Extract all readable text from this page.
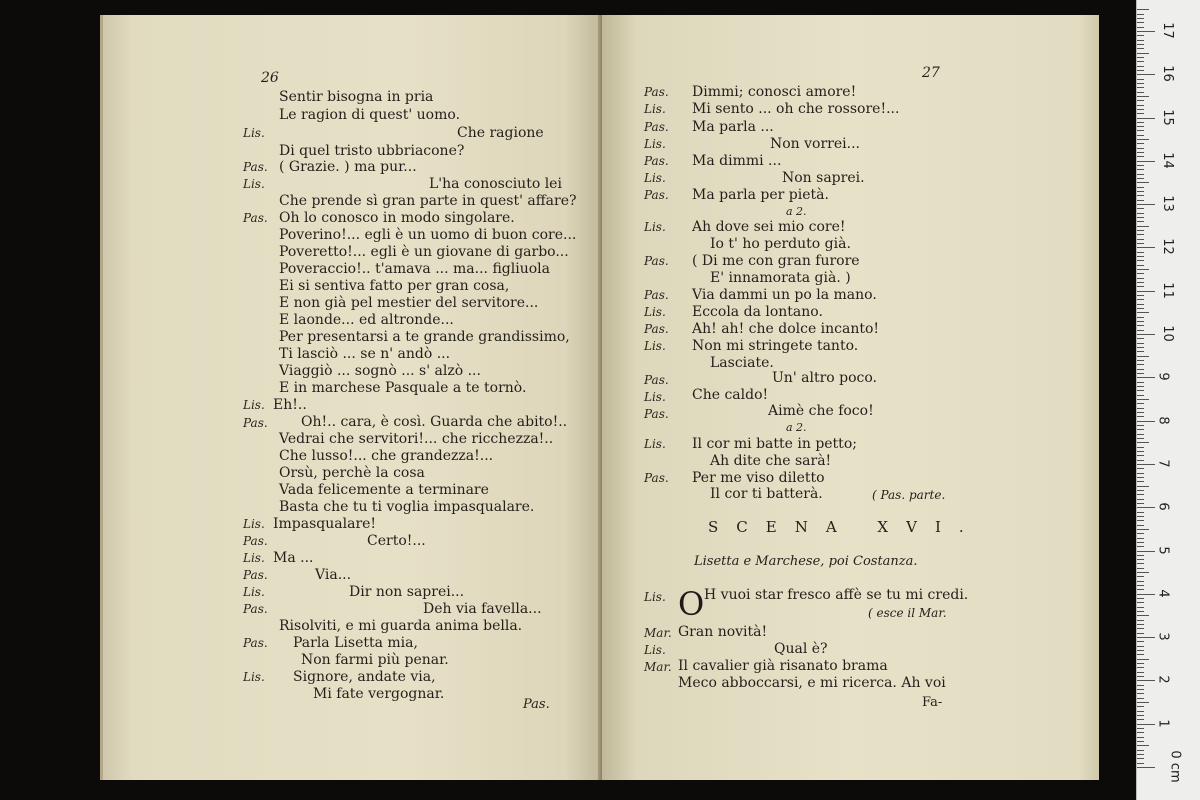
26
Sentir bisogna in pria
Le ragion di quest' uomo.
Lis.	Che ragione
Di quel tristo ubbriacone?
Pas. ( Grazie. ) ma pur...
Lis.	L'ha conosciuto lei
Che prende sì gran parte in quest' affare?
Pas. Oh lo conosco in modo singolare.
Poverino!... egli è un uomo di buon core...
Poveretto!... egli è un giovane di garbo...
Poveraccio!.. t'amava ... ma... figliuola
Ei si sentiva fatto per gran cosa,
E non già pel mestier del servitore...
E laonde... ed altronde...
Per presentarsi a te grande grandissimo,
Ti lasciò ... se n' andò ...
Viaggiò ... sognò ... s' alzò ...
E in marchese Pasquale a te tornò.
Lis. Eh!..
Pas. Oh!.. cara, è così. Guarda che abito!..
Vedrai che servitori!... che ricchezza!..
Che lusso!... che grandezza!...
Orsù, perchè la cosa
Vada felicemente a terminare
Basta che tu ti voglia impasqualare.
Lis. Impasqualare!
Pas.	Certo!...
Lis. Ma ...
Pas.	Via...
Lis.	Dir non saprei...
Pas.	Deh via favella...
Risolviti, e mi guarda anima bella.
Pas. Parla Lisetta mia,
Non farmi più penar.
Lis. Signore, andate via,
Mi fate vergognar.
Pas.
27
Pas. Dimmi; conosci amore!
Lis. Mi sento ... oh che rossore!...
Pas. Ma parla ...
Lis.	Non vorrei...
Pas. Ma dimmi ...
Lis.	Non saprei.
Pas. Ma parla per pietà.
a 2.
Lis. Ah dove sei mio core!
Io t' ho perduto già.
Pas. ( Di me con gran furore
E' innamorata già. )
Pas. Via dammi un po la mano.
Lis. Eccola da lontano.
Pas. Ah! ah! che dolce incanto!
Lis. Non mi stringete tanto.
Lasciate.
Pas.	Un' altro poco.
Lis. Che caldo!
Pas.	Aimè che foco!
a 2.
Lis. Il cor mi batte in petto;
Ah dite che sarà!
Pas. Per me viso diletto
Il cor ti batterà.	( Pas. parte.
SCENA XVI.
Lisetta e Marchese, poi Costanza.
Lis. O H vuoi star fresco affè se tu mi credi.
( esce il Mar.
Mar. Gran novità!
Lis.	Qual è?
Mar. Il cavalier già risanato brama
Meco abboccarsi, e mi ricerca. Ah voi
Fa-
0 cm
1
2
3
4
5
6
7
8
9
10
11
12
13
14
15
16
17
